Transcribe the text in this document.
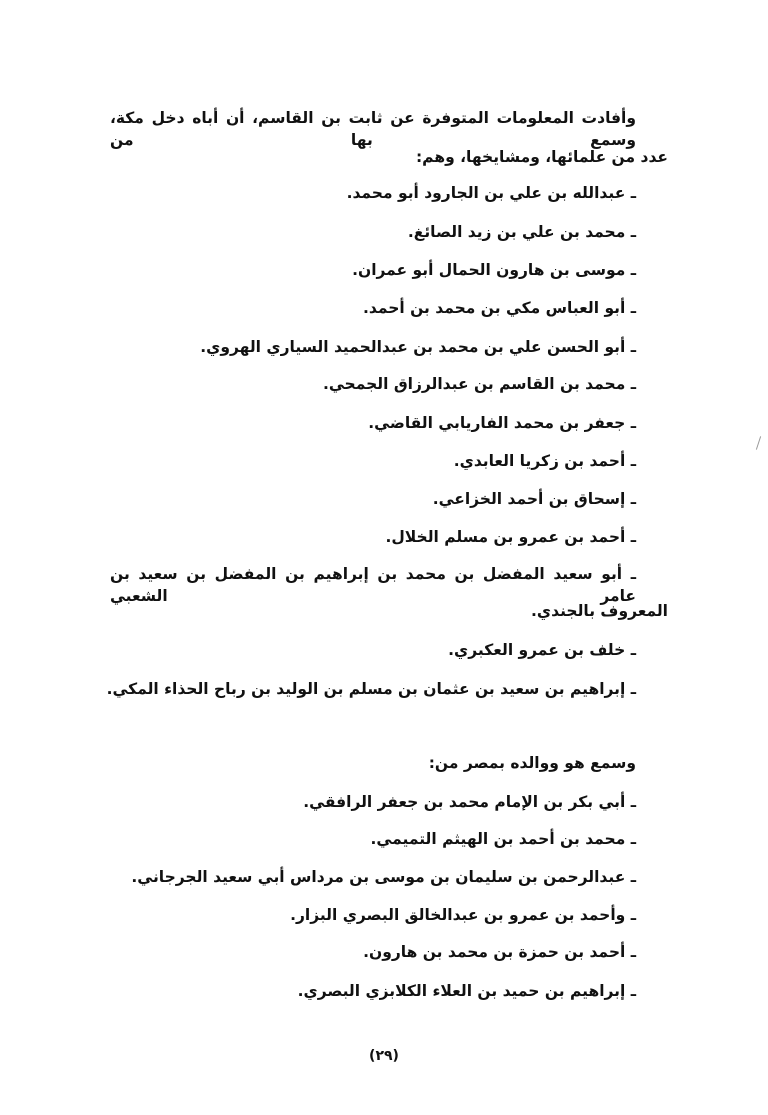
وأفادت المعلومات المتوفرة عن ثابت بن القاسم، أن أباه دخل مكة، وسمع بها من
عدد من علمائها، ومشايخها، وهم:
ـ عبدالله بن علي بن الجارود أبو محمد.
ـ محمد بن علي بن زيد الصائغ.
ـ موسى بن هارون الحمال أبو عمران.
ـ أبو العباس مكي بن محمد بن أحمد.
ـ أبو الحسن علي بن محمد بن عبدالحميد السياري الهروي.
ـ محمد بن القاسم بن عبدالرزاق الجمحي.
ـ جعفر بن محمد الفاريابي القاضي.
ـ أحمد بن زكريا العابدي.
ـ إسحاق بن أحمد الخزاعي.
ـ أحمد بن عمرو بن مسلم الخلال.
ـ أبو سعيد المفضل بن محمد بن إبراهيم بن المفضل بن سعيد بن عامر الشعبي
المعروف بالجندي.
ـ خلف بن عمرو العكبري.
ـ إبراهيم بن سعيد بن عثمان بن مسلم بن الوليد بن رباح الحذاء المكي.
وسمع هو ووالده بمصر من:
ـ أبي بكر بن الإمام محمد بن جعفر الرافقي.
ـ محمد بن أحمد بن الهيثم التميمي.
ـ عبدالرحمن بن سليمان بن موسى بن مرداس أبي سعيد الجرجاني.
ـ وأحمد بن عمرو بن عبدالخالق البصري البزار.
ـ أحمد بن حمزة بن محمد بن هارون.
ـ إبراهيم بن حميد بن العلاء الكلابزي البصري.
(٢٩)
